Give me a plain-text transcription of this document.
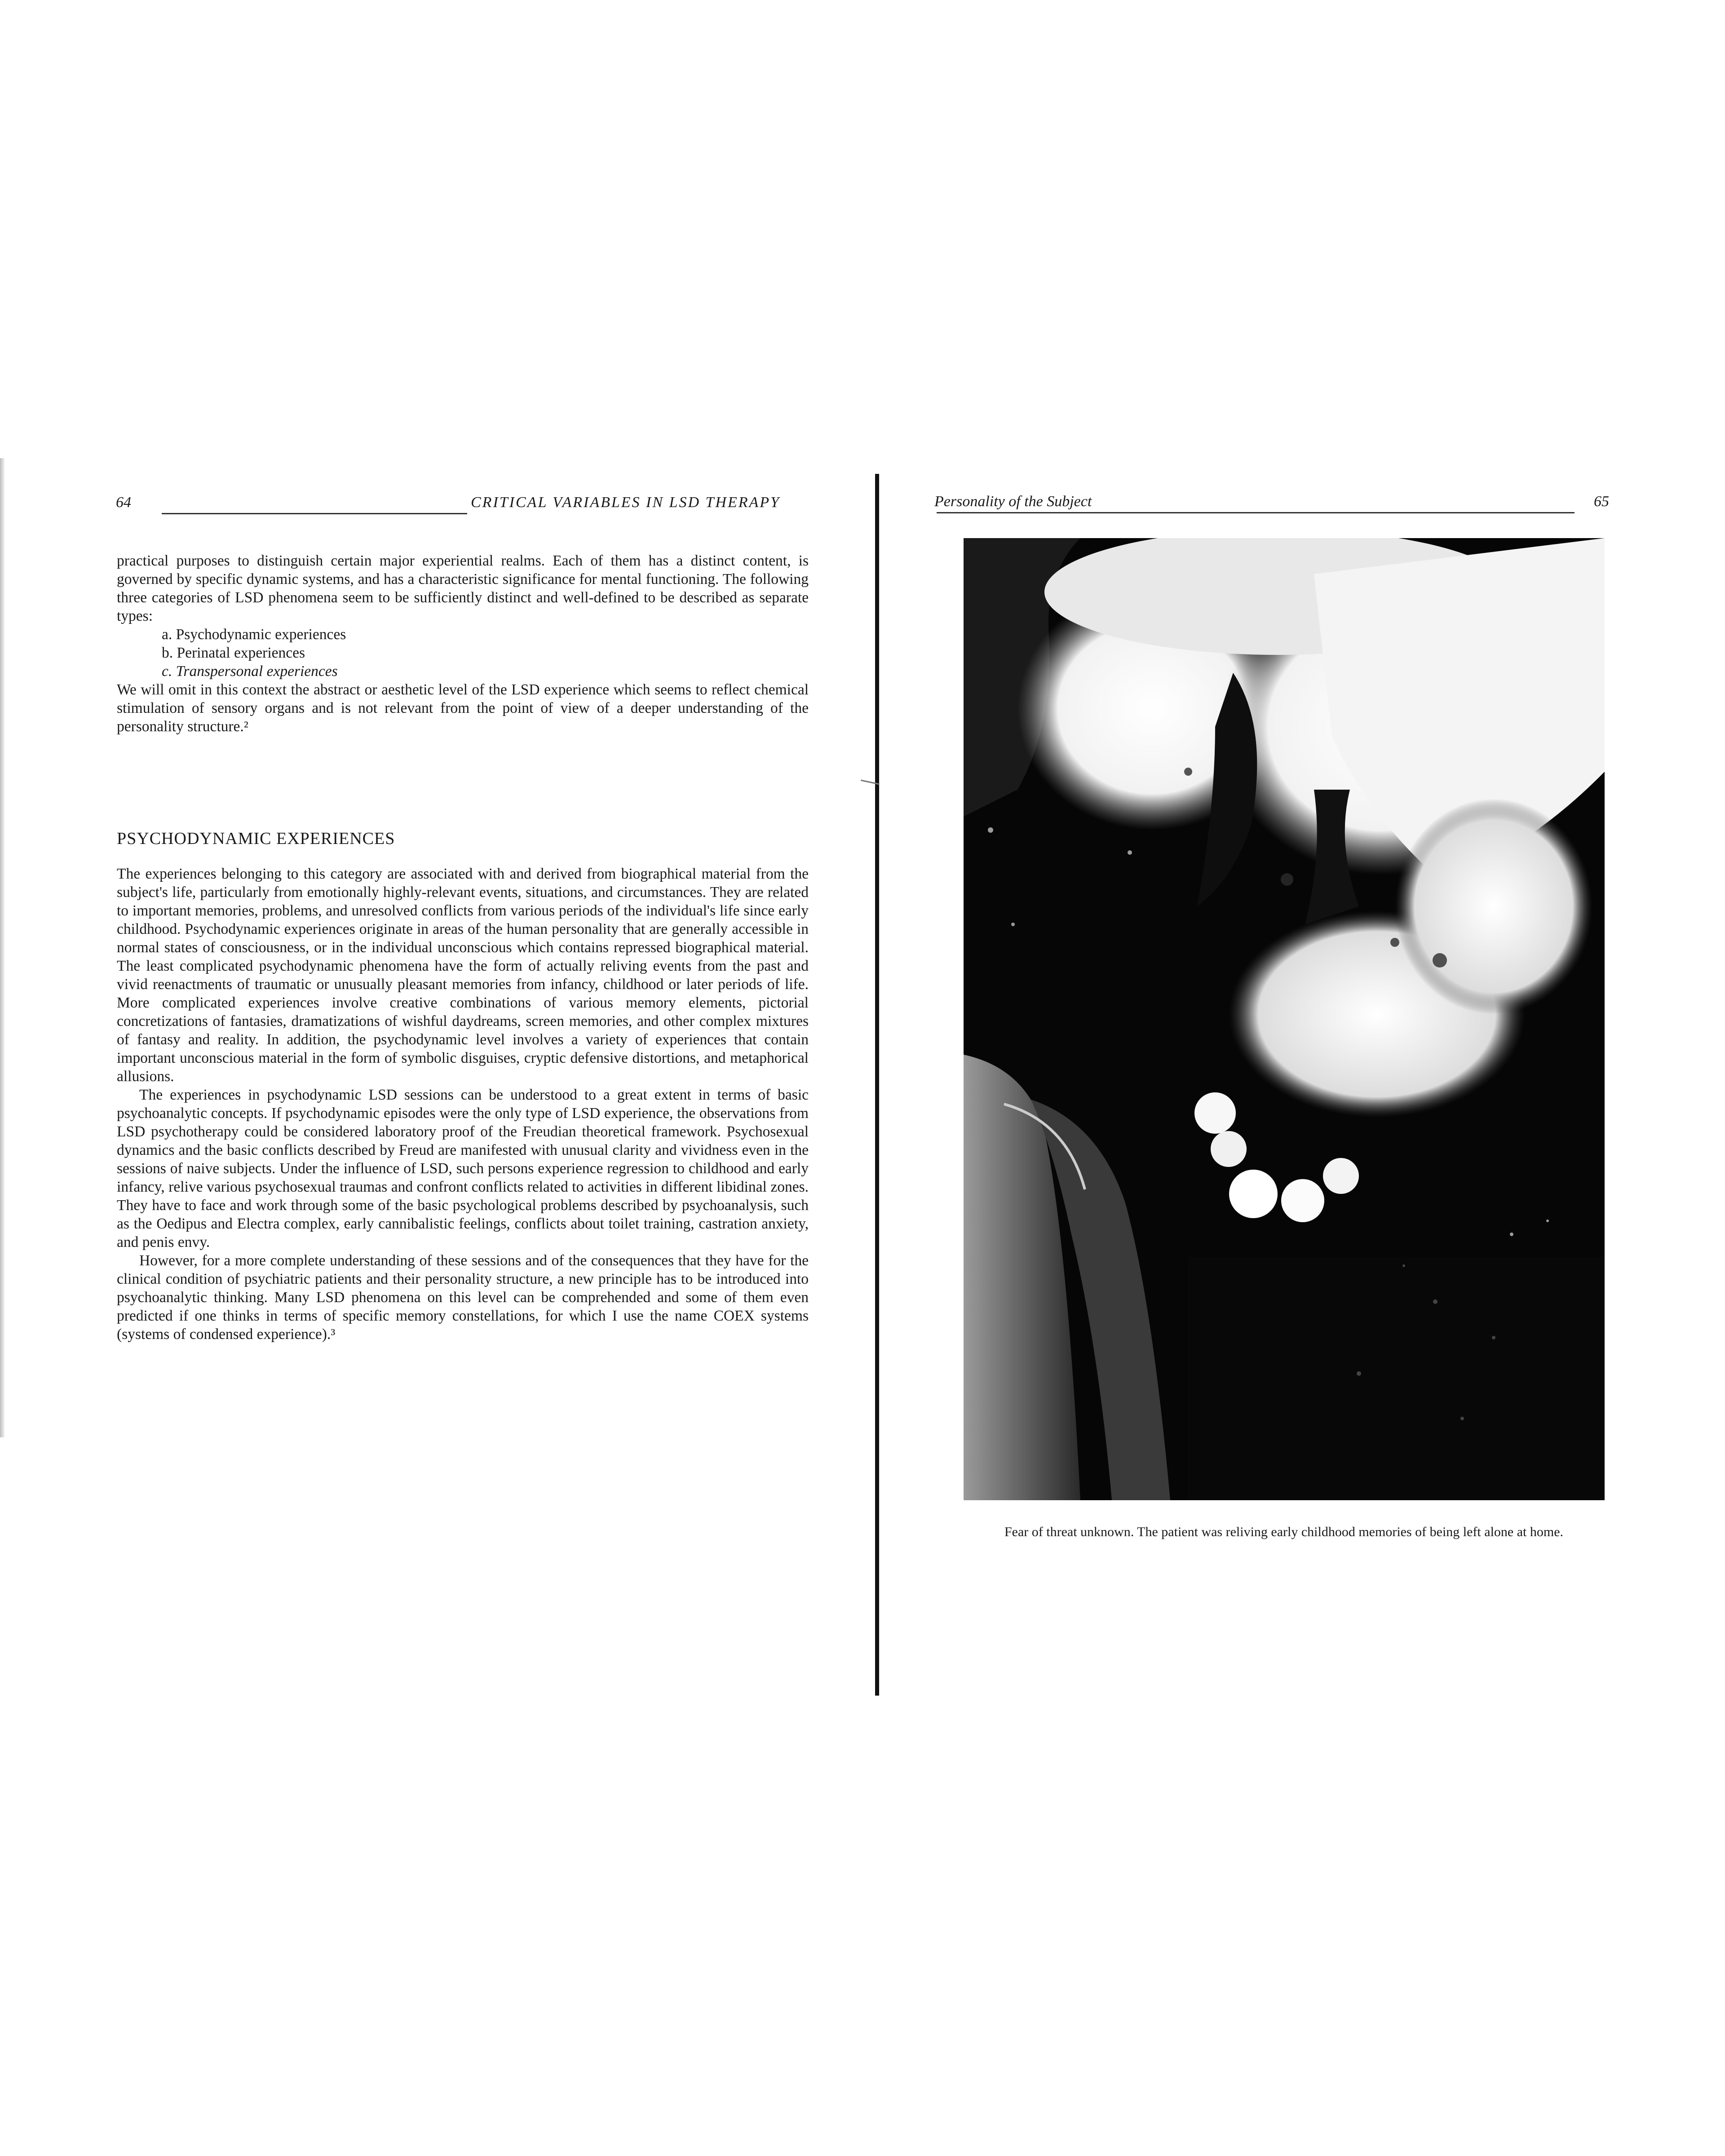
64	CRITICAL VARIABLES IN LSD THERAPY

practical purposes to distinguish certain major experiential realms. Each of them has a distinct content, is governed by specific dynamic systems, and has a characteristic significance for mental functioning. The following three categories of LSD phenomena seem to be sufficiently distinct and well-defined to be described as separate types:

a. Psychodynamic experiences

b. Perinatal experiences

c. Transpersonal experiences

We will omit in this context the abstract or aesthetic level of the LSD experience which seems to reflect chemical stimulation of sensory organs and is not relevant from the point of view of a deeper understanding of the personality structure.²

PSYCHODYNAMIC EXPERIENCES

The experiences belonging to this category are associated with and derived from biographical material from the subject's life, particularly from emotionally highly-relevant events, situations, and circumstances. They are related to important memories, problems, and unresolved conflicts from various periods of the individual's life since early childhood. Psychodynamic experiences originate in areas of the human personality that are generally accessible in normal states of consciousness, or in the individual unconscious which contains repressed biographical material. The least complicated psychodynamic phenomena have the form of actually reliving events from the past and vivid reenactments of traumatic or unusually pleasant memories from infancy, childhood or later periods of life. More complicated experiences involve creative combinations of various memory elements, pictorial concretizations of fantasies, dramatizations of wishful daydreams, screen memories, and other complex mixtures of fantasy and reality. In addition, the psychodynamic level involves a variety of experiences that contain important unconscious material in the form of symbolic disguises, cryptic defensive distortions, and metaphorical allusions.

The experiences in psychodynamic LSD sessions can be understood to a great extent in terms of basic psychoanalytic concepts. If psychodynamic episodes were the only type of LSD experience, the observations from LSD psychotherapy could be considered laboratory proof of the Freudian theoretical framework. Psychosexual dynamics and the basic conflicts described by Freud are manifested with unusual clarity and vividness even in the sessions of naive subjects. Under the influence of LSD, such persons experience regression to childhood and early infancy, relive various psychosexual traumas and confront conflicts related to activities in different libidinal zones. They have to face and work through some of the basic psychological problems described by psychoanalysis, such as the Oedipus and Electra complex, early cannibalistic feelings, conflicts about toilet training, castration anxiety, and penis envy.

However, for a more complete understanding of these sessions and of the consequences that they have for the clinical condition of psychiatric patients and their personality structure, a new principle has to be introduced into psychoanalytic thinking. Many LSD phenomena on this level can be comprehended and some of them even predicted if one thinks in terms of specific memory constellations, for which I use the name COEX systems (systems of condensed experience).³

Personality of the Subject	65
Fear of threat unknown. The patient was reliving early childhood memories of being left alone at home.
